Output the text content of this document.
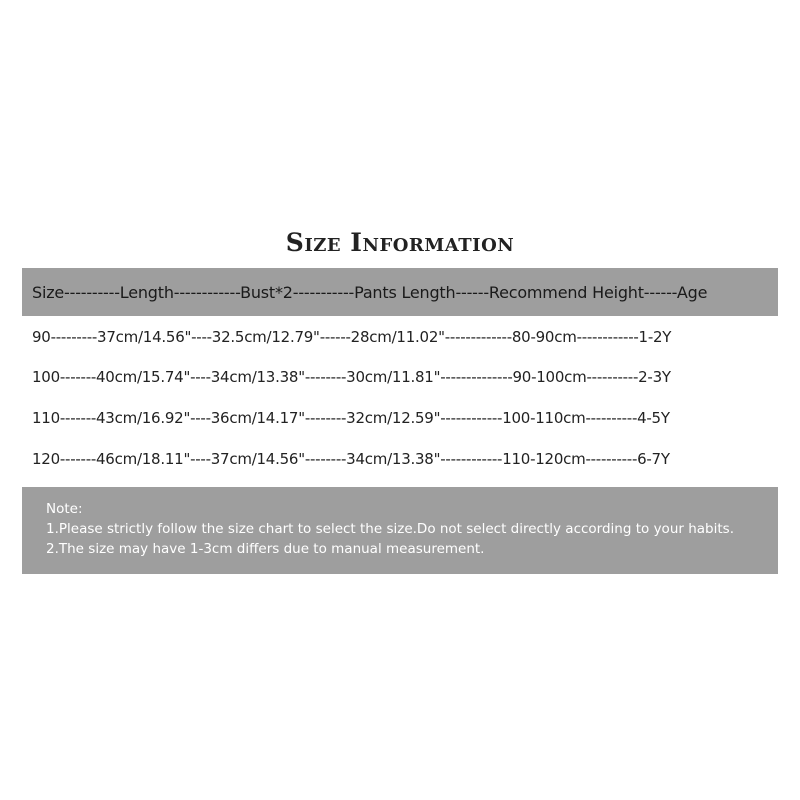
Size Information
Size----------Length------------Bust*2-----------Pants Length------Recommend Height------Age
90---------37cm/14.56"----32.5cm/12.79"------28cm/11.02"-------------80-90cm------------1-2Y
100-------40cm/15.74"----34cm/13.38"--------30cm/11.81"--------------90-100cm----------2-3Y
110-------43cm/16.92"----36cm/14.17"--------32cm/12.59"------------100-110cm----------4-5Y
120-------46cm/18.11"----37cm/14.56"--------34cm/13.38"------------110-120cm----------6-7Y
Note:
1.Please strictly follow the size chart to select the size.Do not select directly according to your habits.
2.The size may have 1-3cm differs due to manual measurement.
